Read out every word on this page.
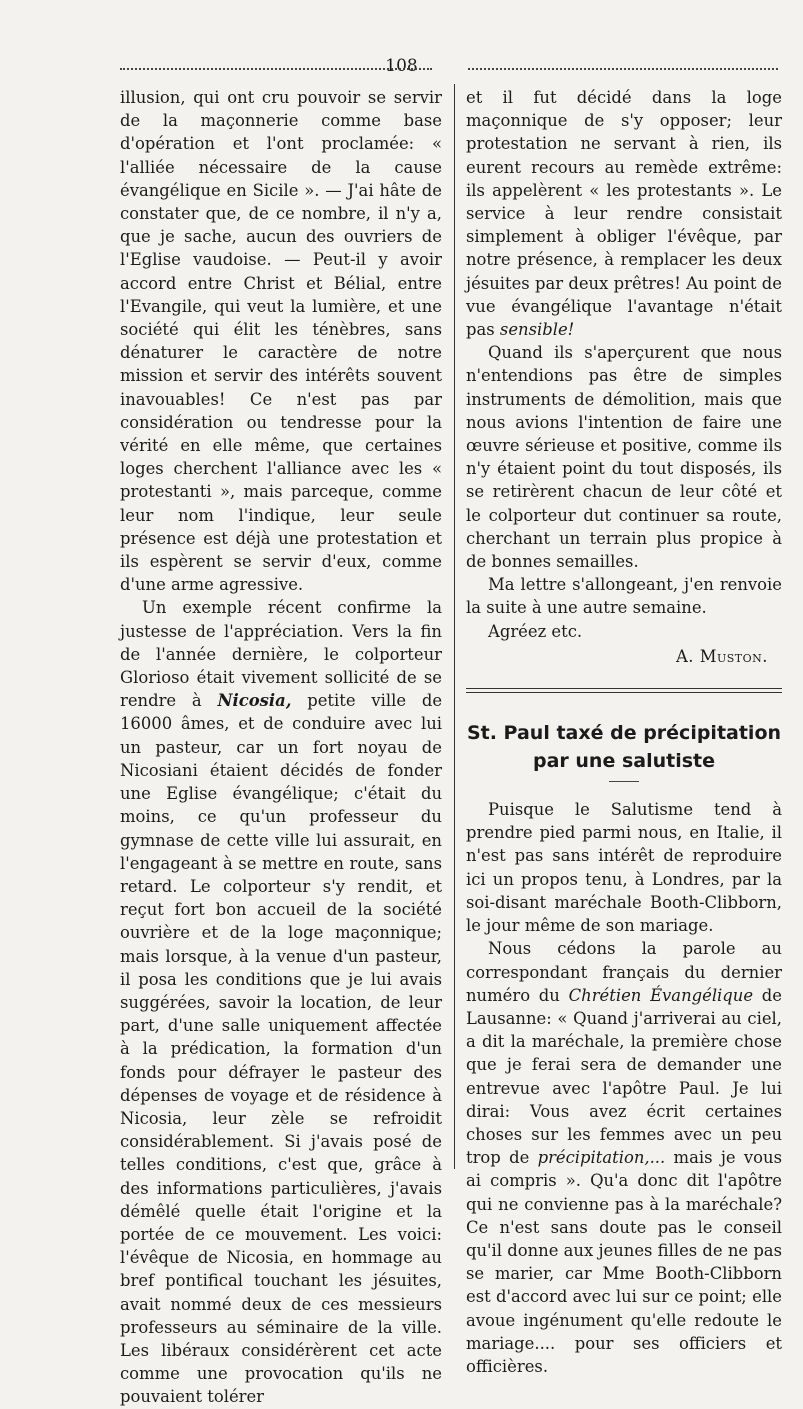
108

illusion, qui ont cru pouvoir se servir de la maçonnerie comme base d'opération et l'ont proclamée: « l'alliée nécessaire de la cause évangélique en Sicile ». — J'ai hâte de constater que, de ce nombre, il n'y a, que je sache, aucun des ouvriers de l'Eglise vaudoise. — Peut-il y avoir accord entre Christ et Bélial, entre l'Evangile, qui veut la lumière, et une société qui élit les ténèbres, sans dénaturer le caractère de notre mission et servir des intérêts souvent inavouables! Ce n'est pas par considération ou tendresse pour la vérité en elle même, que certaines loges cherchent l'alliance avec les « protestanti », mais parceque, comme leur nom l'indique, leur seule présence est déjà une protestation et ils espèrent se servir d'eux, comme d'une arme agressive.

Un exemple récent confirme la justesse de l'appréciation. Vers la fin de l'année dernière, le colporteur Glorioso était vivement sollicité de se rendre à Nicosia, petite ville de 16000 âmes, et de conduire avec lui un pasteur, car un fort noyau de Nicosiani étaient décidés de fonder une Eglise évangélique; c'était du moins, ce qu'un professeur du gymnase de cette ville lui assurait, en l'engageant à se mettre en route, sans retard. Le colporteur s'y rendit, et reçut fort bon accueil de la société ouvrière et de la loge maçonnique; mais lorsque, à la venue d'un pasteur, il posa les conditions que je lui avais suggérées, savoir la location, de leur part, d'une salle uniquement affectée à la prédication, la formation d'un fonds pour défrayer le pasteur des dépenses de voyage et de résidence à Nicosia, leur zèle se refroidit considérablement. Si j'avais posé de telles conditions, c'est que, grâce à des informations particulières, j'avais démêlé quelle était l'origine et la portée de ce mouvement. Les voici: l'évêque de Nicosia, en hommage au bref pontifical touchant les jésuites, avait nommé deux de ces messieurs professeurs au séminaire de la ville. Les libéraux considérèrent cet acte comme une provocation qu'ils ne pouvaient tolérer

et il fut décidé dans la loge maçonnique de s'y opposer; leur protestation ne servant à rien, ils eurent recours au remède extrême: ils appelèrent « les protestants ». Le service à leur rendre consistait simplement à obliger l'évêque, par notre présence, à remplacer les deux jésuites par deux prêtres! Au point de vue évangélique l'avantage n'était pas sensible!

Quand ils s'aperçurent que nous n'entendions pas être de simples instruments de démolition, mais que nous avions l'intention de faire une œuvre sérieuse et positive, comme ils n'y étaient point du tout disposés, ils se retirèrent chacun de leur côté et le colporteur dut continuer sa route, cherchant un terrain plus propice à de bonnes semailles.

Ma lettre s'allongeant, j'en renvoie la suite à une autre semaine.

Agréez etc.

A. Muston.

St. Paul taxé de précipitation

par une salutiste

Puisque le Salutisme tend à prendre pied parmi nous, en Italie, il n'est pas sans intérêt de reproduire ici un propos tenu, à Londres, par la soi-disant maréchale Booth-Clibborn, le jour même de son mariage.

Nous cédons la parole au correspondant français du dernier numéro du Chrétien Évangélique de Lausanne: « Quand j'arriverai au ciel, a dit la maréchale, la première chose que je ferai sera de demander une entrevue avec l'apôtre Paul. Je lui dirai: Vous avez écrit certaines choses sur les femmes avec un peu trop de précipitation,... mais je vous ai compris ». Qu'a donc dit l'apôtre qui ne convienne pas à la maréchale? Ce n'est sans doute pas le conseil qu'il donne aux jeunes filles de ne pas se marier, car Mme Booth-Clibborn est d'accord avec lui sur ce point; elle avoue ingénument qu'elle redoute le mariage.... pour ses officiers et officières.
